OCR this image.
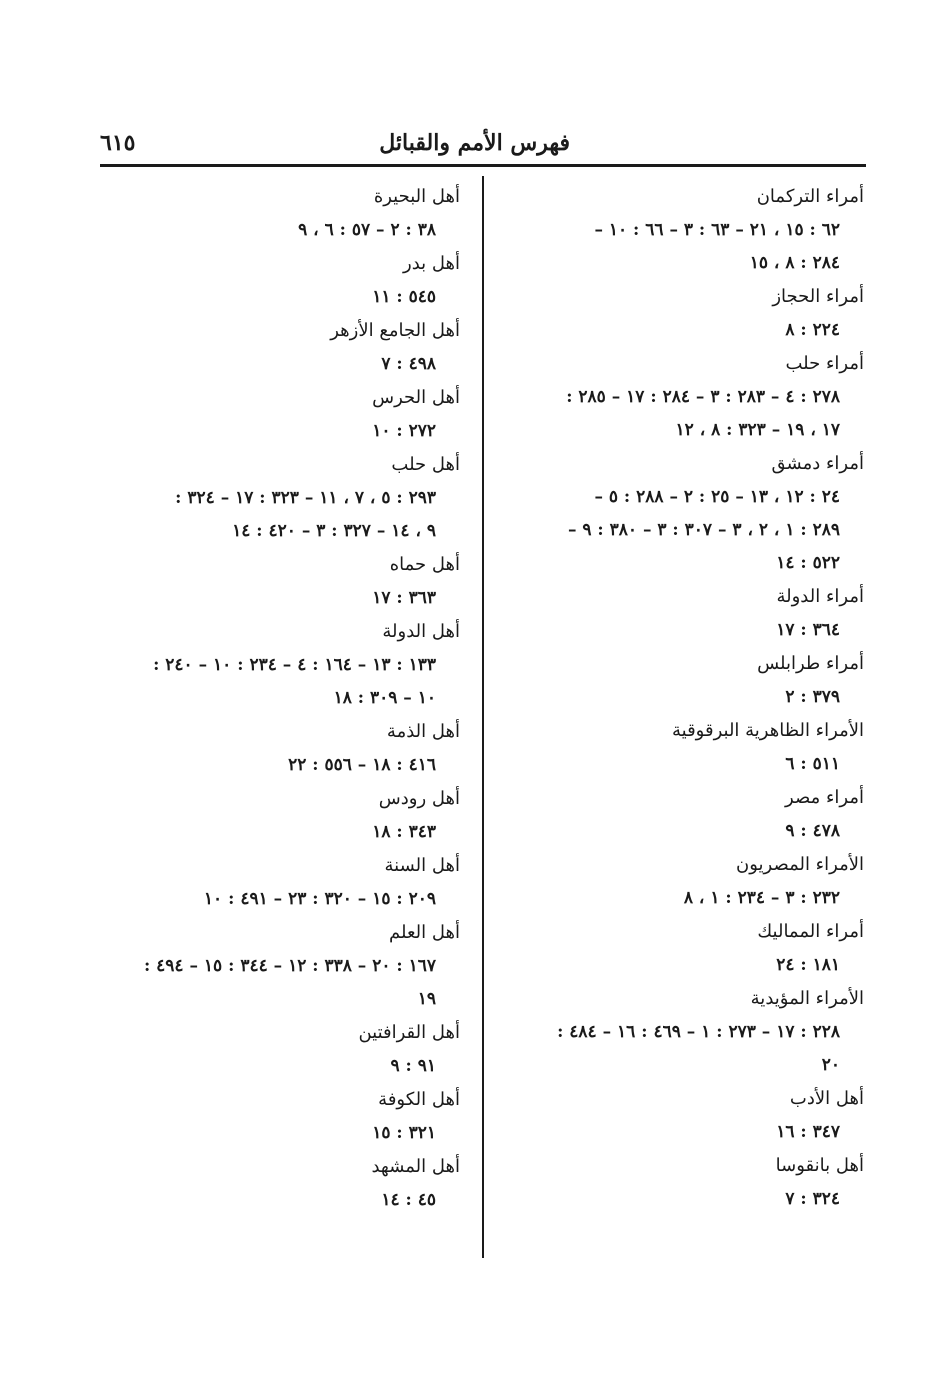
فهرس الأمم والقبائل
٦١٥
أمراء التركمان
٦٢ : ١٥ ، ٢١ – ٦٣ : ٣ – ٦٦ : ١٠ –
٢٨٤ : ٨ ، ١٥
أمراء الحجاز
٢٢٤ : ٨
أمراء حلب
٢٧٨ : ٤ – ٢٨٣ : ٣ – ٢٨٤ : ١٧ – ٢٨٥ :
١٧ ، ١٩ – ٣٢٣ : ٨ ، ١٢
أمراء دمشق
٢٤ : ١٢ ، ١٣ – ٢٥ : ٢ – ٢٨٨ : ٥ –
٢٨٩ : ١ ، ٢ ، ٣ – ٣٠٧ : ٣ – ٣٨٠ : ٩ –
٥٢٢ : ١٤
أمراء الدولة
٣٦٤ : ١٧
أمراء طرابلس
٣٧٩ : ٢
الأمراء الظاهرية البرقوقية
٥١١ : ٦
أمراء مصر
٤٧٨ : ٩
الأمراء المصريون
٢٣٢ : ٣ – ٢٣٤ : ١ ، ٨
أمراء المماليك
١٨١ : ٢٤
الأمراء المؤيدية
٢٢٨ : ١٧ – ٢٧٣ : ١ – ٤٦٩ : ١٦ – ٤٨٤ :
٢٠
أهل الأدب
٣٤٧ : ١٦
أهل بانقوسا
٣٢٤ : ٧
أهل البحيرة
٣٨ : ٢ – ٥٧ : ٦ ، ٩
أهل بدر
٥٤٥ : ١١
أهل الجامع الأزهر
٤٩٨ : ٧
أهل الحرس
٢٧٢ : ١٠
أهل حلب
٢٩٣ : ٥ ، ٧ ، ١١ – ٣٢٣ : ١٧ – ٣٢٤ :
٩ ، ١٤ – ٣٢٧ : ٣ – ٤٢٠ : ١٤
أهل حماه
٣٦٣ : ١٧
أهل الدولة
١٣٣ : ١٣ – ١٦٤ : ٤ – ٢٣٤ : ١٠ – ٢٤٠ :
١٠ – ٣٠٩ : ١٨
أهل الذمة
٤١٦ : ١٨ – ٥٥٦ : ٢٢
أهل رودس
٣٤٣ : ١٨
أهل السنة
٢٠٩ : ١٥ – ٣٢٠ : ٢٣ – ٤٩١ : ١٠
أهل العلم
١٦٧ : ٢٠ – ٣٣٨ : ١٢ – ٣٤٤ : ١٥ – ٤٩٤ :
١٩
أهل القرافتين
٩١ : ٩
أهل الكوفة
٣٢١ : ١٥
أهل المشهد
٤٥ : ١٤
